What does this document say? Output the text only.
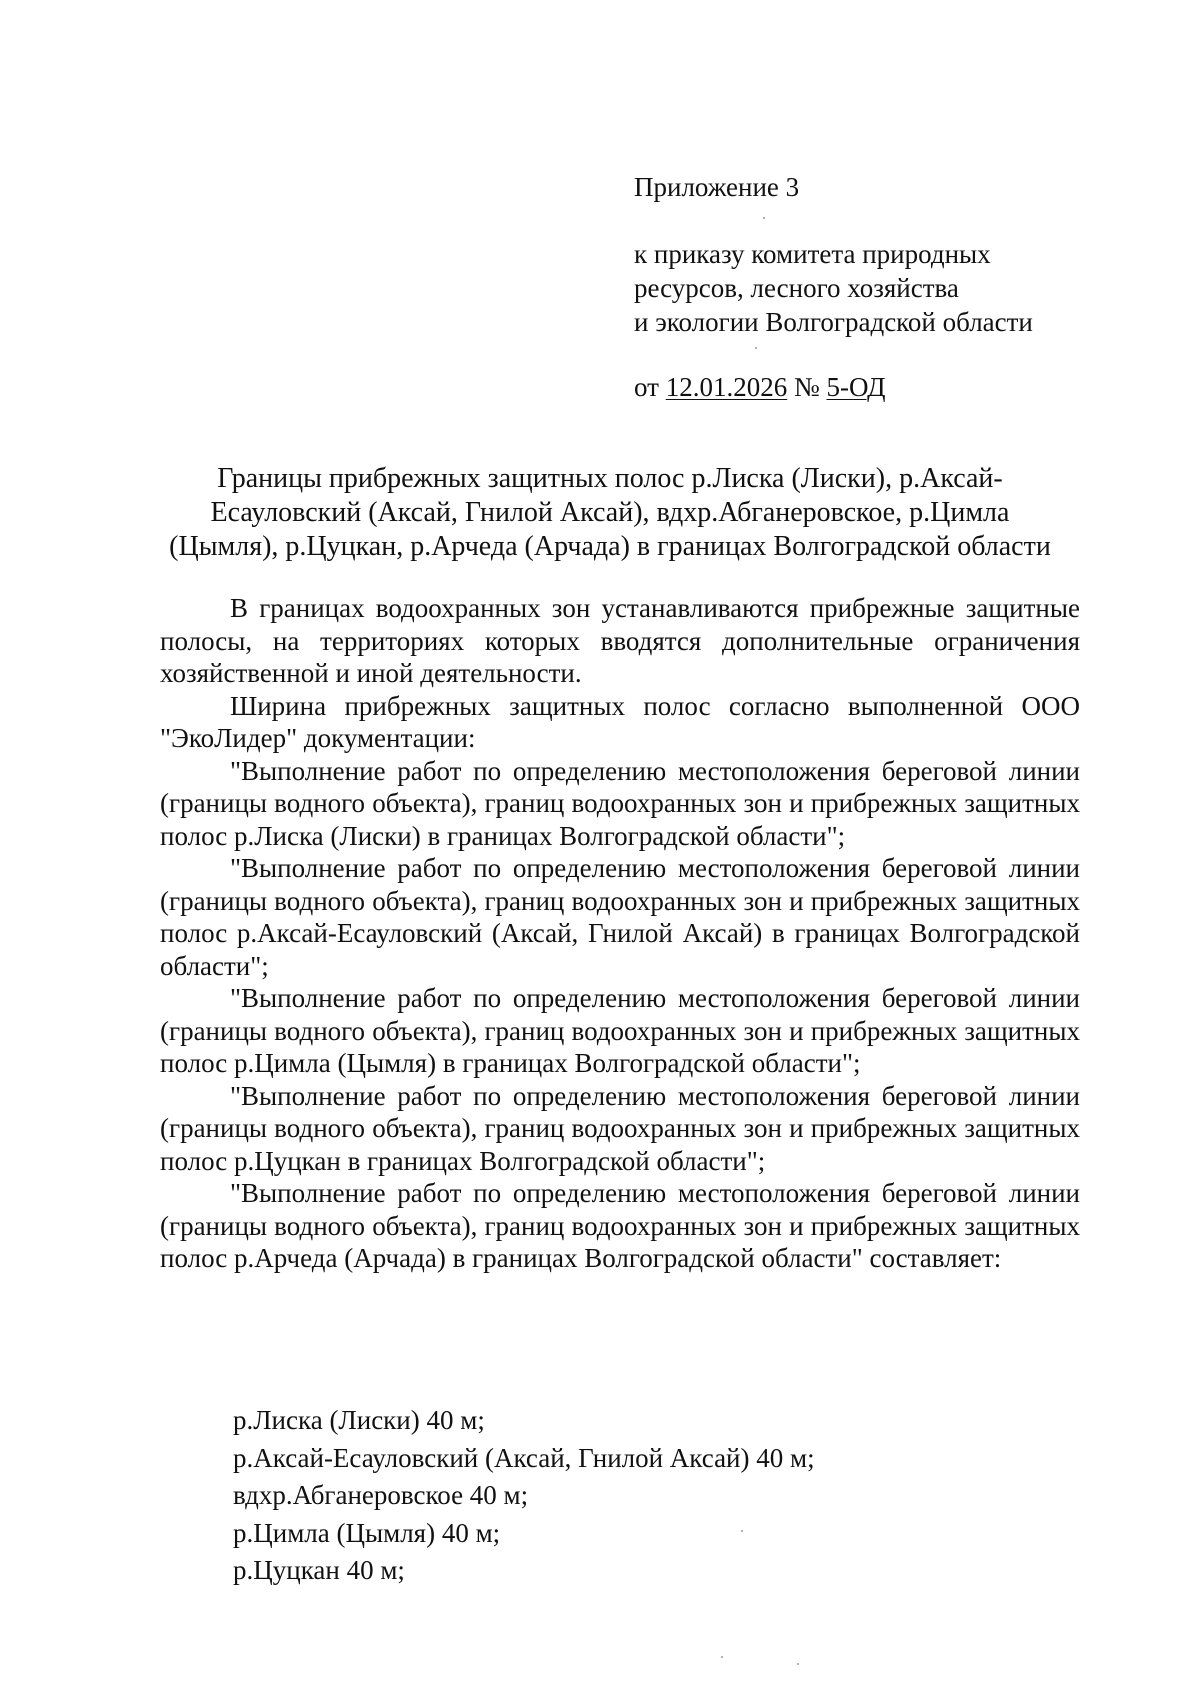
Приложение 3
к приказу комитета природных
ресурсов, лесного хозяйства
и экологии Волгоградской области
от 12.01.2026 № 5-ОД
Границы прибрежных защитных полос р.Лиска (Лиски), р.Аксай-
Есауловский (Аксай, Гнилой Аксай), вдхр.Абганеровское, р.Цимла
(Цымля), р.Цуцкан, р.Арчеда (Арчада) в границах Волгоградской области

В границах водоохранных зон устанавливаются прибрежные защитные полосы, на территориях которых вводятся дополнительные ограничения хозяйственной и иной деятельности.

Ширина прибрежных защитных полос согласно выполненной ООО "ЭкоЛидер" документации:

"Выполнение работ по определению местоположения береговой линии (границы водного объекта), границ водоохранных зон и прибрежных защитных полос р.Лиска (Лиски) в границах Волгоградской области";

"Выполнение работ по определению местоположения береговой линии (границы водного объекта), границ водоохранных зон и прибрежных защитных полос р.Аксай-Есауловский (Аксай, Гнилой Аксай) в границах Волгоградской области";

"Выполнение работ по определению местоположения береговой линии (границы водного объекта), границ водоохранных зон и прибрежных защитных полос р.Цимла (Цымля) в границах Волгоградской области";

"Выполнение работ по определению местоположения береговой линии (границы водного объекта), границ водоохранных зон и прибрежных защитных полос р.Цуцкан в границах Волгоградской области";

"Выполнение работ по определению местоположения береговой линии (границы водного объекта), границ водоохранных зон и прибрежных защитных полос р.Арчеда (Арчада) в границах Волгоградской области" составляет:

р.Лиска (Лиски) 40 м;
р.Аксай-Есауловский (Аксай, Гнилой Аксай) 40 м;
вдхр.Абганеровское 40 м;
р.Цимла (Цымля) 40 м;
р.Цуцкан 40 м;
